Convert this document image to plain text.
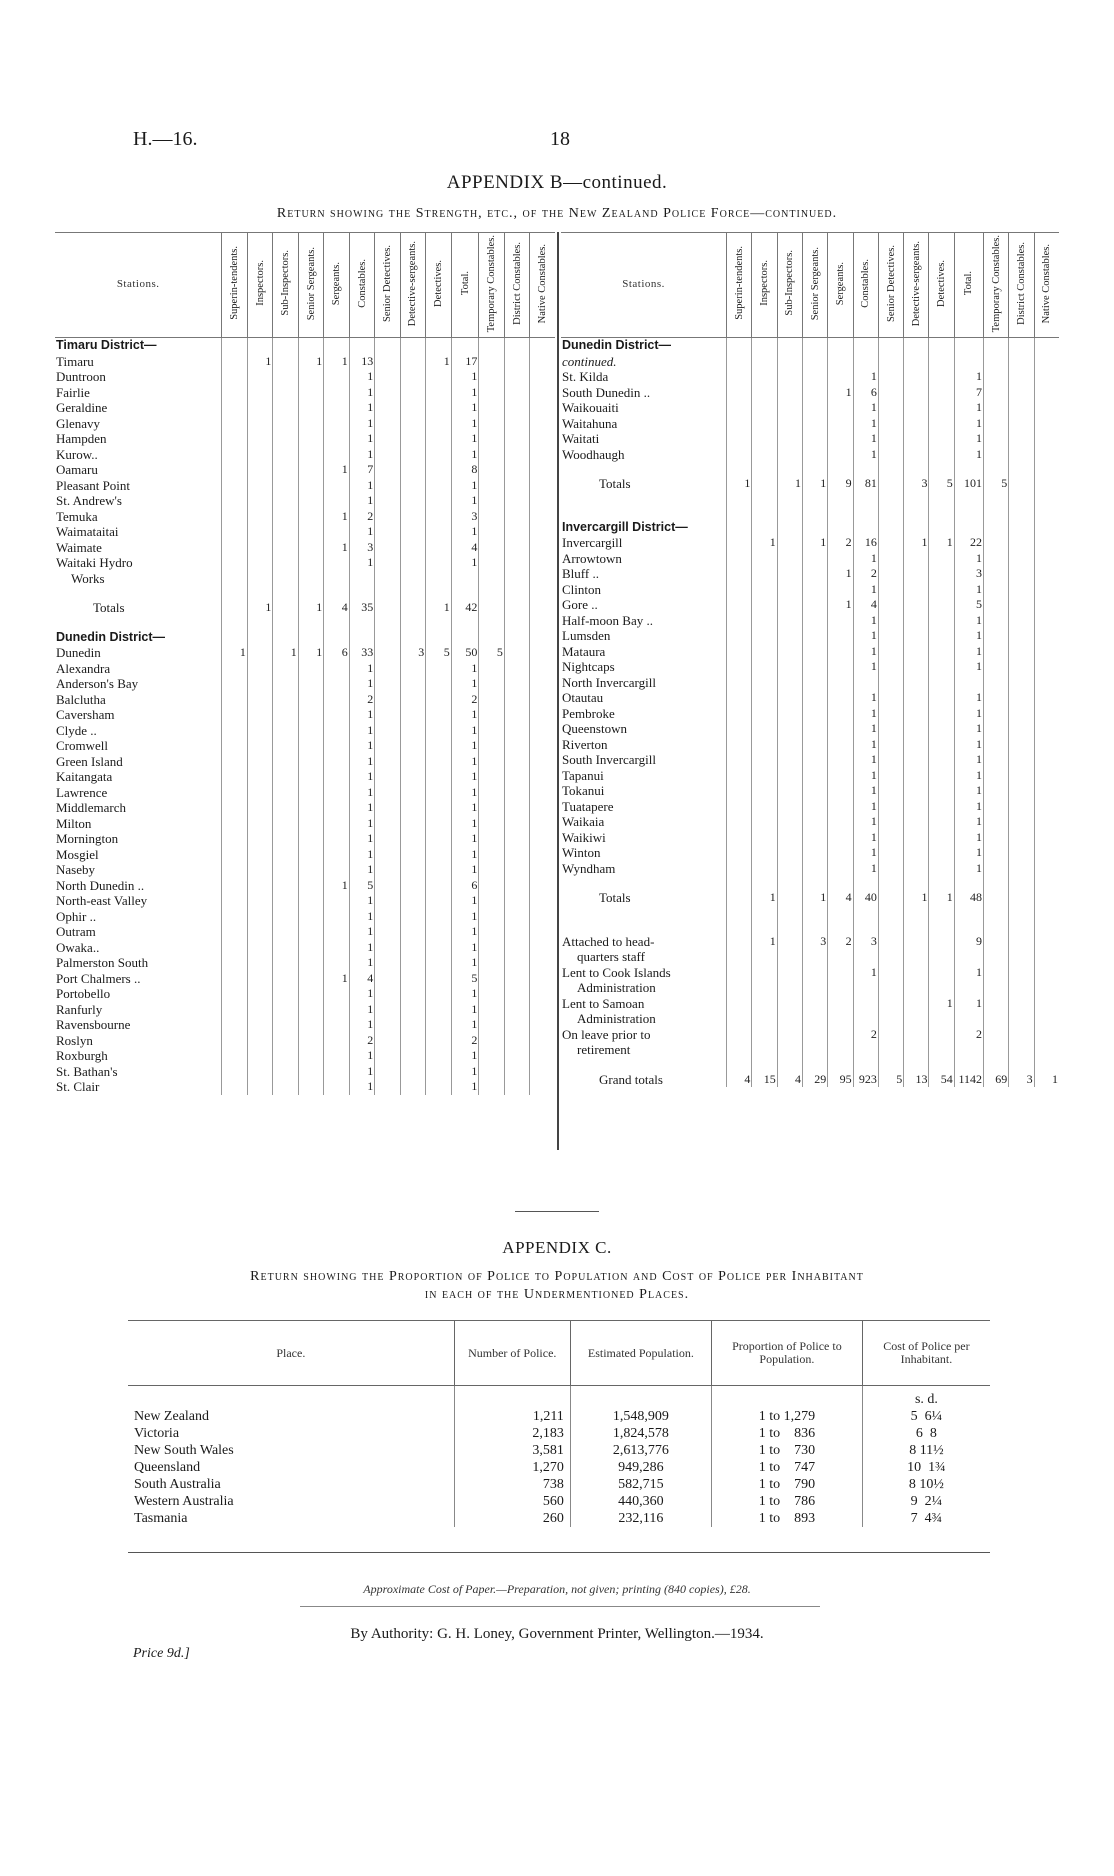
H.—16.	18
APPENDIX B—continued.
Return showing the Strength, etc., of the New Zealand Police Force—continued.
Stations.	Superin-tendents.	Inspectors.	Sub-Inspectors.	Senior Sergeants.	Sergeants.	Constables.	Senior Detectives.	Detective-sergeants.	Detectives.	Total.	Temporary Constables.	District Constables.	Native Constables.
Timaru District—													
Timaru		1		1	1	13			1	17			
Duntroon						1				1			
Fairlie						1				1			
Geraldine						1				1			
Glenavy						1				1			
Hampden						1				1			
Kurow..						1				1			
Oamaru					1	7				8			
Pleasant Point						1				1			
St. Andrew's						1				1			
Temuka					1	2				3			
Waimataitai						1				1			
Waimate					1	3				4			
Waitaki Hydro						1				1			
Works													

Totals		1		1	4	35			1	42			

Dunedin District—													
Dunedin	1		1	1	6	33		3	5	50	5		
Alexandra						1				1			
Anderson's Bay						1				1			
Balclutha						2				2			
Caversham						1				1			
Clyde ..						1				1			
Cromwell						1				1			
Green Island						1				1			
Kaitangata						1				1			
Lawrence						1				1			
Middlemarch						1				1			
Milton						1				1			
Mornington						1				1			
Mosgiel						1				1			
Naseby						1				1			
North Dunedin ..					1	5				6			
North-east Valley						1				1			
Ophir ..						1				1			
Outram						1				1			
Owaka..						1				1			
Palmerston South						1				1			
Port Chalmers ..					1	4				5			
Portobello						1				1			
Ranfurly						1				1			
Ravensbourne						1				1			
Roslyn						2				2			
Roxburgh						1				1			
St. Bathan's						1				1			
St. Clair						1				1			
Stations.	Superin-tendents.	Inspectors.	Sub-Inspectors.	Senior Sergeants.	Sergeants.	Constables.	Senior Detectives.	Detective-sergeants.	Detectives.	Total.	Temporary Constables.	District Constables.	Native Constables.
Dunedin District—													
continued.													
St. Kilda						1				1			
South Dunedin ..					1	6				7			
Waikouaiti						1				1			
Waitahuna						1				1			
Waitati						1				1			
Woodhaugh						1				1			

Totals	1		1	1	9	81		3	5	101	5		

Invercargill District—													
Invercargill		1		1	2	16		1	1	22			
Arrowtown						1				1			
Bluff ..					1	2				3			
Clinton						1				1			
Gore ..					1	4				5			
Half-moon Bay ..						1				1			
Lumsden						1				1			
Mataura						1				1			
Nightcaps						1				1			
North Invercargill													
Otautau						1				1			
Pembroke						1				1			
Queenstown						1				1			
Riverton						1				1			
South Invercargill						1				1			
Tapanui						1				1			
Tokanui						1				1			
Tuatapere						1				1			
Waikaia						1				1			
Waikiwi						1				1			
Winton						1				1			
Wyndham						1				1			

Totals		1		1	4	40		1	1	48			

Attached to head-		1		3	2	3				9			
quarters staff													
Lent to Cook Islands						1				1			
Administration													
Lent to Samoan									1	1			
Administration													
On leave prior to						2				2			
retirement													

Grand totals	4	15	4	29	95	923	5	13	54	1142	69	3	1
APPENDIX C.
Return showing the Proportion of Police to Population and Cost of Police per Inhabitant
in each of the Undermentioned Places.
Place.	Number of Police.	Estimated Population.	Proportion of Police to Population.	Cost of Police per Inhabitant.
				s. d.
New Zealand	1,211	1,548,909	1 to 1,279	5  6¼
Victoria	2,183	1,824,578	1 to    836	6  8
New South Wales	3,581	2,613,776	1 to    730	8 11½
Queensland	1,270	949,286	1 to    747	10  1¾
South Australia	738	582,715	1 to    790	8 10½
Western Australia	560	440,360	1 to    786	9  2¼
Tasmania	260	232,116	1 to    893	7  4¾
Approximate Cost of Paper.—Preparation, not given; printing (840 copies), £28.
By Authority: G. H. Loney, Government Printer, Wellington.—1934.
Price 9d.]
